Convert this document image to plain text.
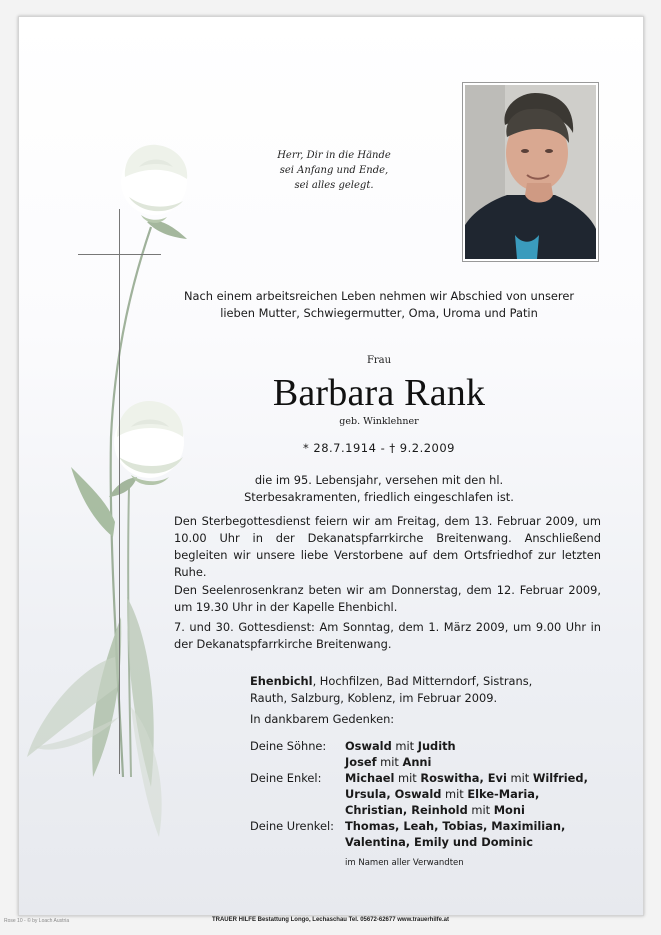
Herr, Dir in die Hände
sei Anfang und Ende,
sei alles gelegt.
Nach einem arbeitsreichen Leben nehmen wir Abschied von unserer
lieben Mutter, Schwiegermutter, Oma, Uroma und Patin
Frau
Barbara Rank
geb. Winklehner
* 28.7.1914 - † 9.2.2009
die im 95. Lebensjahr, versehen mit den hl.
Sterbesakramenten, friedlich eingeschlafen ist.

Den Sterbegottesdienst feiern wir am Freitag, dem 13. Februar 2009, um 10.00 Uhr in der Dekanatspfarrkirche Breitenwang. Anschließend begleiten wir unsere liebe Verstorbene auf dem Ortsfriedhof zur letzten Ruhe.

Den Seelenrosenkranz beten wir am Donnerstag, dem 12. Februar 2009, um 19.30 Uhr in der Kapelle Ehenbichl.

7. und 30. Gottesdienst: Am Sonntag, dem 1. März 2009, um 9.00 Uhr in der Dekanatspfarrkirche Breitenwang.

Ehenbichl, Hochfilzen, Bad Mitterndorf, Sistrans,
Rauth, Salzburg, Koblenz, im Februar 2009.
In dankbarem Gedenken:
Deine Söhne:	Oswald mit Judith
Josef mit Anni
Deine Enkel:	Michael mit Roswitha, Evi mit Wilfried,
Ursula, Oswald mit Elke-Maria,
Christian, Reinhold mit Moni
Deine Urenkel: Thomas, Leah, Tobias, Maximilian,
Valentina, Emily und Dominic
im Namen aller Verwandten
TRAUER HILFE Bestattung Longo, Lechaschau Tel. 05672-62677 www.trauerhilfe.at
Rose 10 - © by Loach Austria
